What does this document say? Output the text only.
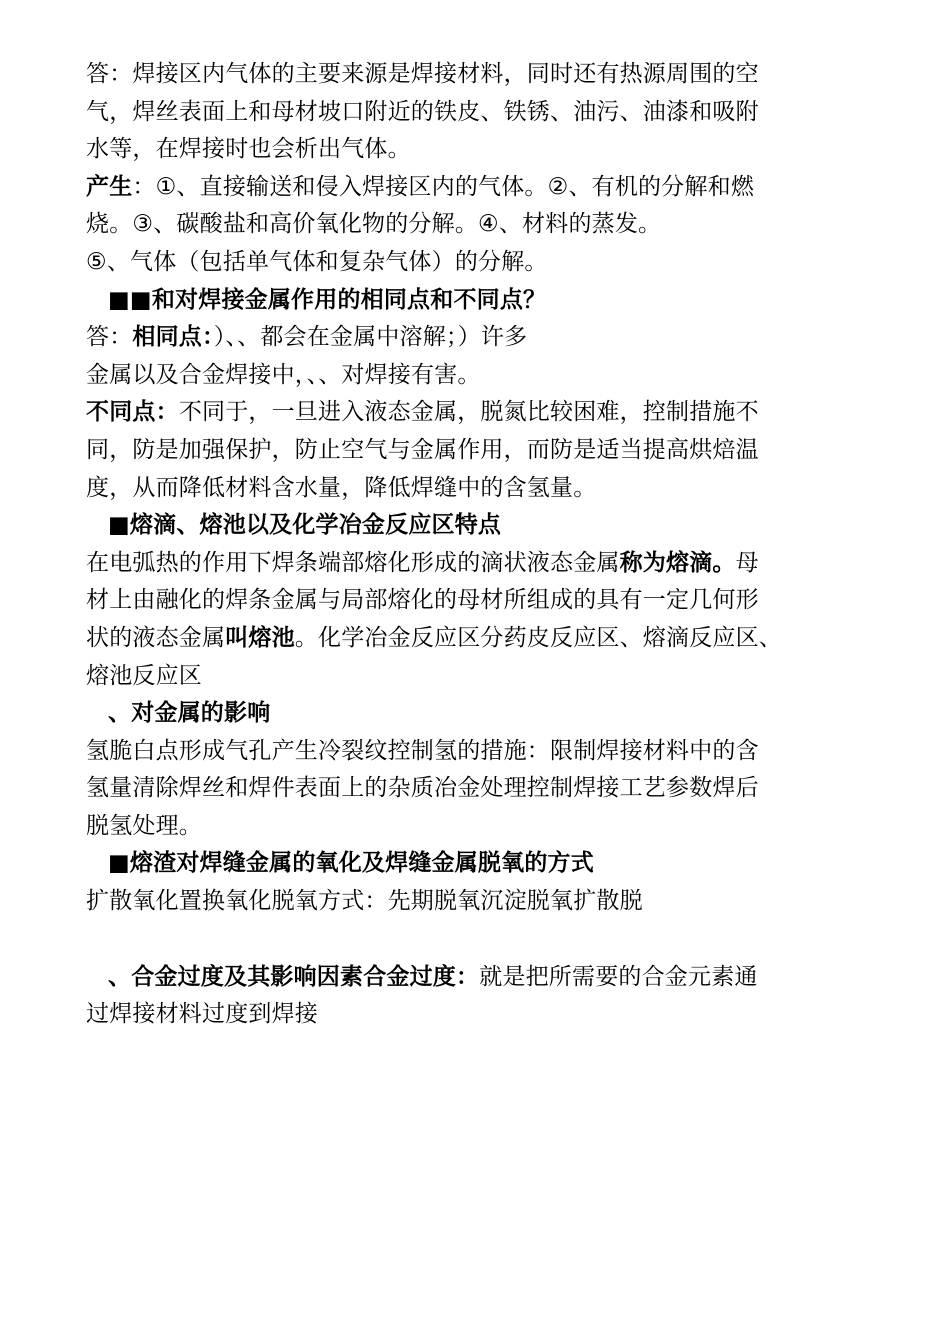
答：焊接区内气体的主要来源是焊接材料，同时还有热源周围的空
气，焊丝表面上和母材坡口附近的铁皮、铁锈、油污、油漆和吸附
水等，在焊接时也会析出气体。
产生：①、直接输送和侵入焊接区内的气体。②、有机的分解和燃
烧。③、碳酸盐和高价氧化物的分解。④、材料的蒸发。
⑤、气体（包括单气体和复杂气体）的分解。
■■和对焊接金属作用的相同点和不同点？
答：相同点：）、、都会在金属中溶解；）许多
金属以及合金焊接中，、、对焊接有害。
不同点：不同于，一旦进入液态金属，脱氮比较困难，控制措施不
同，防是加强保护，防止空气与金属作用，而防是适当提高烘焙温
度，从而降低材料含水量，降低焊缝中的含氢量。
■熔滴、熔池以及化学冶金反应区特点
在电弧热的作用下焊条端部熔化形成的滴状液态金属称为熔滴。母
材上由融化的焊条金属与局部熔化的母材所组成的具有一定几何形
状的液态金属叫熔池。化学冶金反应区分药皮反应区、熔滴反应区、
熔池反应区
、对金属的影响
氢脆白点形成气孔产生冷裂纹控制氢的措施：限制焊接材料中的含
氢量清除焊丝和焊件表面上的杂质冶金处理控制焊接工艺参数焊后
脱氢处理。
■熔渣对焊缝金属的氧化及焊缝金属脱氧的方式
扩散氧化置换氧化脱氧方式：先期脱氧沉淀脱氧扩散脱
、合金过度及其影响因素合金过度：就是把所需要的合金元素通
过焊接材料过度到焊接
